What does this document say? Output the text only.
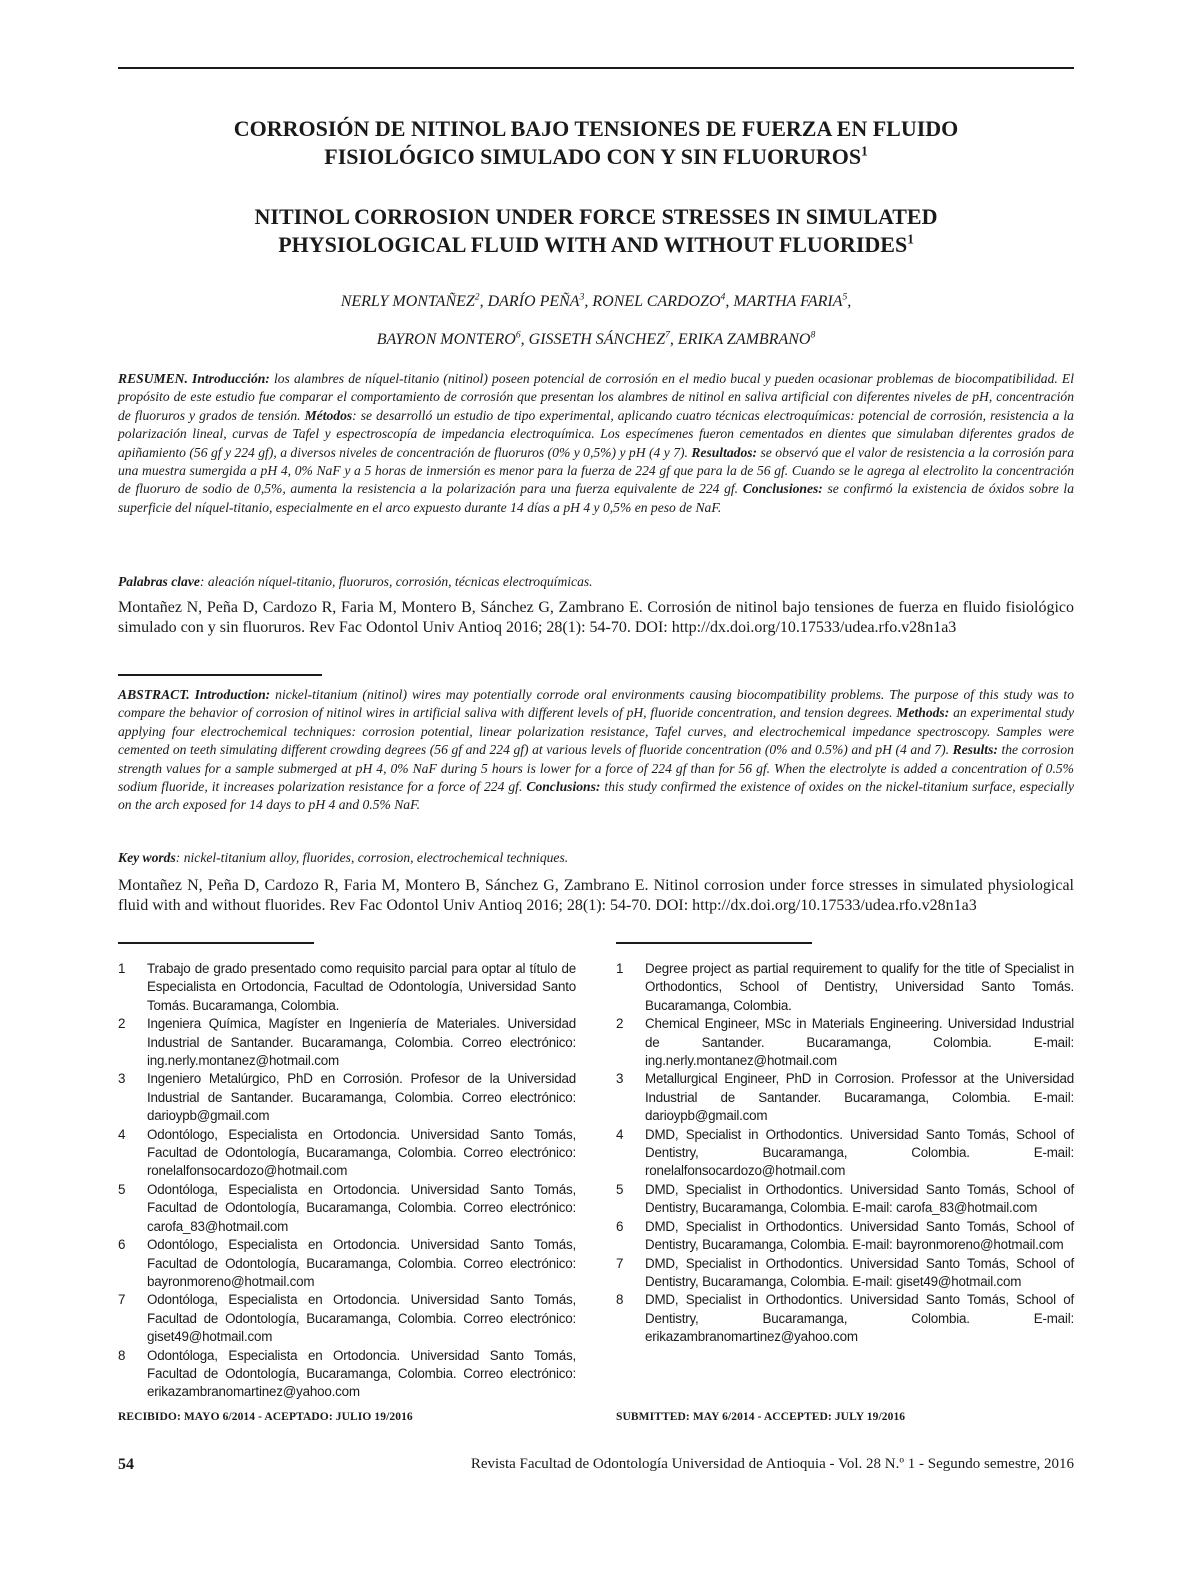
CORROSIÓN DE NITINOL BAJO TENSIONES DE FUERZA EN FLUIDO
FISIOLÓGICO SIMULADO CON Y SIN FLUORUROS$^1$
NITINOL CORROSION UNDER FORCE STRESSES IN SIMULATED
PHYSIOLOGICAL FLUID WITH AND WITHOUT FLUORIDES$^1$
NERLY MONTAÑEZ$^2$, DARÍO PEÑA$^3$, RONEL CARDOZO$^4$, MARTHA FARIA$^5$,
BAYRON MONTERO$^6$, GISSETH SÁNCHEZ$^7$, ERIKA ZAMBRANO$^8$
RESUMEN. Introducción: los alambres de níquel-titanio (nitinol) poseen potencial de corrosión en el medio bucal y pueden ocasionar problemas de biocompatibilidad. El propósito de este estudio fue comparar el comportamiento de corrosión que presentan los alambres de nitinol en saliva artificial con diferentes niveles de pH, concentración de fluoruros y grados de tensión. Métodos: se desarrolló un estudio de tipo experimental, aplicando cuatro técnicas electroquímicas: potencial de corrosión, resistencia a la polarización lineal, curvas de Tafel y espectroscopía de impedancia electroquímica. Los especímenes fueron cementados en dientes que simulaban diferentes grados de apiñamiento (56 gf y 224 gf), a diversos niveles de concentración de fluoruros (0% y 0,5%) y pH (4 y 7). Resultados: se observó que el valor de resistencia a la corrosión para una muestra sumergida a pH 4, 0% NaF y a 5 horas de inmersión es menor para la fuerza de 224 gf que para la de 56 gf. Cuando se le agrega al electrolito la concentración de fluoruro de sodio de 0,5%, aumenta la resistencia a la polarización para una fuerza equivalente de 224 gf. Conclusiones: se confirmó la existencia de óxidos sobre la superficie del níquel-titanio, especialmente en el arco expuesto durante 14 días a pH 4 y 0,5% en peso de NaF.
Palabras clave: aleación níquel-titanio, fluoruros, corrosión, técnicas electroquímicas.
Montañez N, Peña D, Cardozo R, Faria M, Montero B, Sánchez G, Zambrano E. Corrosión de nitinol bajo tensiones de fuerza en fluido fisiológico simulado con y sin fluoruros. Rev Fac Odontol Univ Antioq 2016; 28(1): 54-70. DOI: http://dx.doi.org/10.17533/udea.rfo.v28n1a3
ABSTRACT. Introduction: nickel-titanium (nitinol) wires may potentially corrode oral environments causing biocompatibility problems. The purpose of this study was to compare the behavior of corrosion of nitinol wires in artificial saliva with different levels of pH, fluoride concentration, and tension degrees. Methods: an experimental study applying four electrochemical techniques: corrosion potential, linear polarization resistance, Tafel curves, and electrochemical impedance spectroscopy. Samples were cemented on teeth simulating different crowding degrees (56 gf and 224 gf) at various levels of fluoride concentration (0% and 0.5%) and pH (4 and 7). Results: the corrosion strength values for a sample submerged at pH 4, 0% NaF during 5 hours is lower for a force of 224 gf than for 56 gf. When the electrolyte is added a concentration of 0.5% sodium fluoride, it increases polarization resistance for a force of 224 gf. Conclusions: this study confirmed the existence of oxides on the nickel-titanium surface, especially on the arch exposed for 14 days to pH 4 and 0.5% NaF.
Key words: nickel-titanium alloy, fluorides, corrosion, electrochemical techniques.
Montañez N, Peña D, Cardozo R, Faria M, Montero B, Sánchez G, Zambrano E. Nitinol corrosion under force stresses in simulated physiological fluid with and without fluorides. Rev Fac Odontol Univ Antioq 2016; 28(1): 54-70. DOI: http://dx.doi.org/10.17533/udea.rfo.v28n1a3
1 Trabajo de grado presentado como requisito parcial para optar al título de Especialista en Ortodoncia, Facultad de Odontología, Universidad Santo Tomás. Bucaramanga, Colombia.
2 Ingeniera Química, Magíster en Ingeniería de Materiales. Universidad Industrial de Santander. Bucaramanga, Colombia. Correo electrónico: ing.nerly.montanez@hotmail.com
3 Ingeniero Metalúrgico, PhD en Corrosión. Profesor de la Universidad Industrial de Santander. Bucaramanga, Colombia. Correo electrónico: darioypb@gmail.com
4 Odontólogo, Especialista en Ortodoncia. Universidad Santo Tomás, Facultad de Odontología, Bucaramanga, Colombia. Correo electrónico: ronelalfonsocardozo@hotmail.com
5 Odontóloga, Especialista en Ortodoncia. Universidad Santo Tomás, Facultad de Odontología, Bucaramanga, Colombia. Correo electrónico: carofa_83@hotmail.com
6 Odontólogo, Especialista en Ortodoncia. Universidad Santo Tomás, Facultad de Odontología, Bucaramanga, Colombia. Correo electrónico: bayronmoreno@hotmail.com
7 Odontóloga, Especialista en Ortodoncia. Universidad Santo Tomás, Facultad de Odontología, Bucaramanga, Colombia. Correo electrónico: giset49@hotmail.com
8 Odontóloga, Especialista en Ortodoncia. Universidad Santo Tomás, Facultad de Odontología, Bucaramanga, Colombia. Correo electrónico: erikazambranomartinez@yahoo.com
1 Degree project as partial requirement to qualify for the title of Specialist in Orthodontics, School of Dentistry, Universidad Santo Tomás. Bucaramanga, Colombia.
2 Chemical Engineer, MSc in Materials Engineering. Universidad Industrial de Santander. Bucaramanga, Colombia. E-mail: ing.nerly.montanez@hotmail.com
3 Metallurgical Engineer, PhD in Corrosion. Professor at the Universidad Industrial de Santander. Bucaramanga, Colombia. E-mail: darioypb@gmail.com
4 DMD, Specialist in Orthodontics. Universidad Santo Tomás, School of Dentistry, Bucaramanga, Colombia. E-mail: ronelalfonsocardozo@hotmail.com
5 DMD, Specialist in Orthodontics. Universidad Santo Tomás, School of Dentistry, Bucaramanga, Colombia. E-mail: carofa_83@hotmail.com
6 DMD, Specialist in Orthodontics. Universidad Santo Tomás, School of Dentistry, Bucaramanga, Colombia. E-mail: bayronmoreno@hotmail.com
7 DMD, Specialist in Orthodontics. Universidad Santo Tomás, School of Dentistry, Bucaramanga, Colombia. E-mail: giset49@hotmail.com
8 DMD, Specialist in Orthodontics. Universidad Santo Tomás, School of Dentistry, Bucaramanga, Colombia. E-mail: erikazambranomartinez@yahoo.com
RECIBIDO: MAYO 6/2014 - ACEPTADO: JULIO 19/2016	SUBMITTED: MAY 6/2014 - ACCEPTED: JULY 19/2016
54	Revista Facultad de Odontología Universidad de Antioquia - Vol. 28 N.º 1 - Segundo semestre, 2016
